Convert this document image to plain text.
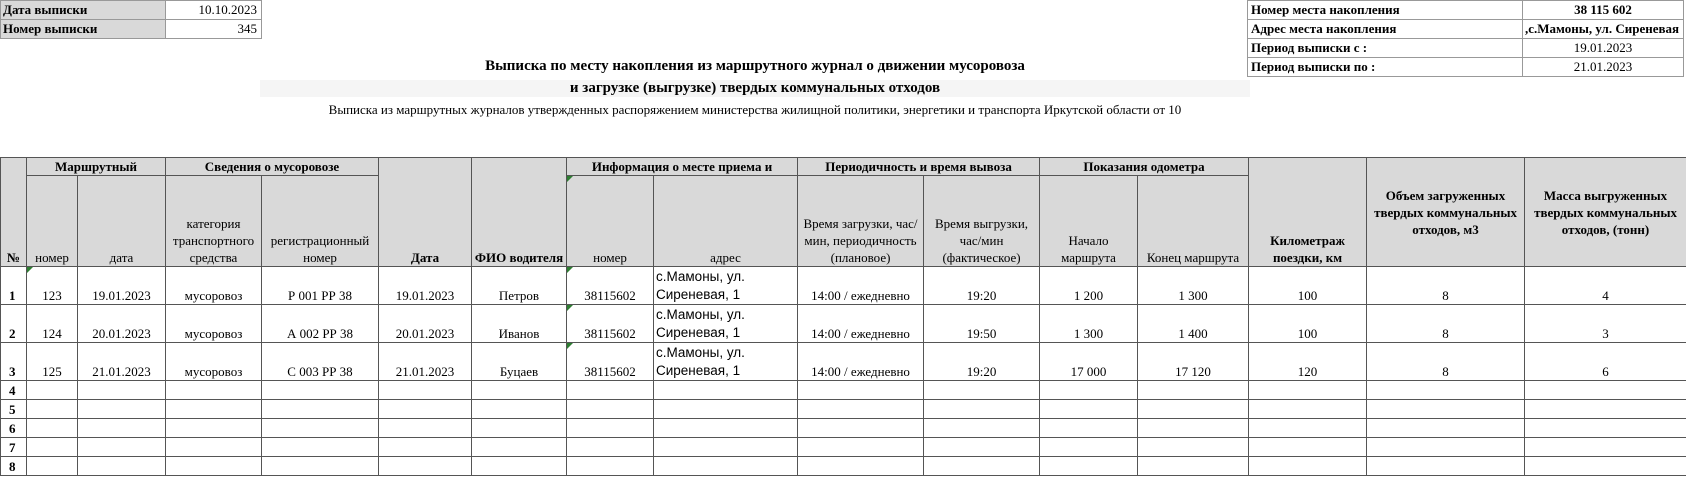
Дата выписки	10.10.2023
Номер выписки	345
Номер места накопления	38 115 602
Адрес места накопления	с.Мамоны, ул. Сиреневая,
Период выписки с :	19.01.2023
Период выписки по :	21.01.2023
Выписка по месту накопления из маршрутного журнал о движении мусоровоза
и загрузке (выгрузке) твердых коммунальных отходов
Выписка из маршрутных журналов утвержденных распоряжением министерства жилищной политики, энергетики и транспорта Иркутской области от 10
№	Маршрутный		Сведения о мусоровозе		Дата	ФИО водителя	Информация о месте приема и		Периодичность и время вывоза		Показания одометра		Километраж поездки, км	Объем загруженных твердых коммунальных отходов, м3	Масса выгруженных твердых коммунальных отходов, (тонн)
	номер	дата	категория транспортного средства	регистрационный номер			номер	адрес	Время загрузки, час/мин, периодичность (плановое)	Время выгрузки, час/мин (фактическое)	Начало маршрута	Конец маршрута			
1	123	19.01.2023	мусоровоз	Р 001 РР 38	19.01.2023	Петров	38115602	с.Мамоны, ул. Сиреневая, 1	14:00 / ежедневно	19:20	1 200	1 300	100	8	4
2	124	20.01.2023	мусоровоз	А 002 РР 38	20.01.2023	Иванов	38115602	с.Мамоны, ул. Сиреневая, 1	14:00 / ежедневно	19:50	1 300	1 400	100	8	3
3	125	21.01.2023	мусоровоз	С 003 РР 38	21.01.2023	Буцаев	38115602	с.Мамоны, ул. Сиреневая, 1	14:00 / ежедневно	19:20	17 000	17 120	120	8	6
4															
5															
6															
7															
8															
